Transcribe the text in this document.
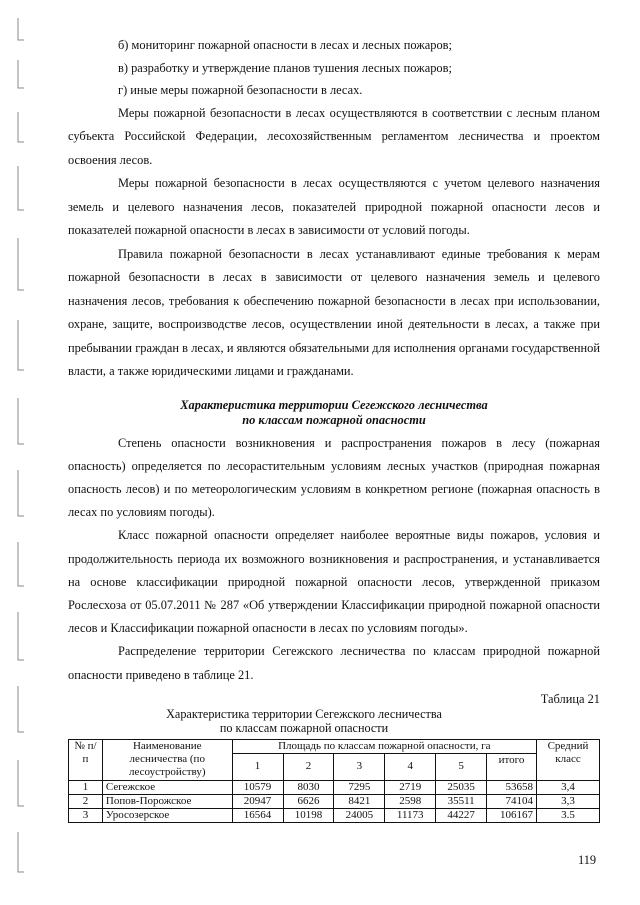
б) мониторинг пожарной опасности в лесах и лесных пожаров;

в) разработку и утверждение планов тушения лесных пожаров;

г) иные меры пожарной безопасности в лесах.

Меры пожарной безопасности в лесах осуществляются в соответствии с лесным планом субъекта Российской Федерации, лесохозяйственным регламентом лесничества и проектом освоения лесов.

Меры пожарной безопасности в лесах осуществляются с учетом целевого назначения земель и целевого назначения лесов, показателей природной пожарной опасности лесов и показателей пожарной опасности в лесах в зависимости от условий погоды.

Правила пожарной безопасности в лесах устанавливают единые требования к мерам пожарной безопасности в лесах в зависимости от целевого назначения земель и целевого назначения лесов, требования к обеспечению пожарной безопасности в лесах при использовании, охране, защите, воспроизводстве лесов, осуществлении иной деятельности в лесах, а также при пребывании граждан в лесах, и являются обязательными для исполнения органами государственной власти, а также юридическими лицами и гражданами.

Характеристика территории Сегежского лесничества
по классам пожарной опасности

Степень опасности возникновения и распространения пожаров в лесу (пожарная опасность) определяется по лесорастительным условиям лесных участков (природная пожарная опасность лесов) и по метеорологическим условиям в конкретном регионе (пожарная опасность в лесах по условиям погоды).

Класс пожарной опасности определяет наиболее вероятные виды пожаров, условия и продолжительность периода их возможного возникновения и распространения, и устанавливается на основе классификации природной пожарной опасности лесов, утвержденной приказом Рослесхоза от 05.07.2011 № 287 «Об утверждении Классификации природной пожарной опасности лесов и Классификации пожарной опасности в лесах по условиям погоды».

Распределение территории Сегежского лесничества по классам природной пожарной опасности приведено в таблице 21.

Таблица 21
Характеристика территории Сегежского лесничества
по классам пожарной опасности
№ п/п	Наименование лесничества (по лесоустройству)	Площадь по классам пожарной опасности, га						Средний класс
		1	2	3	4	5	итого	
1	Сегежское	10579	8030	7295	2719	25035	53658	3,4
2	Попов-Порожское	20947	6626	8421	2598	35511	74104	3,3
3	Уросозерское	16564	10198	24005	11173	44227	106167	3.5
119
